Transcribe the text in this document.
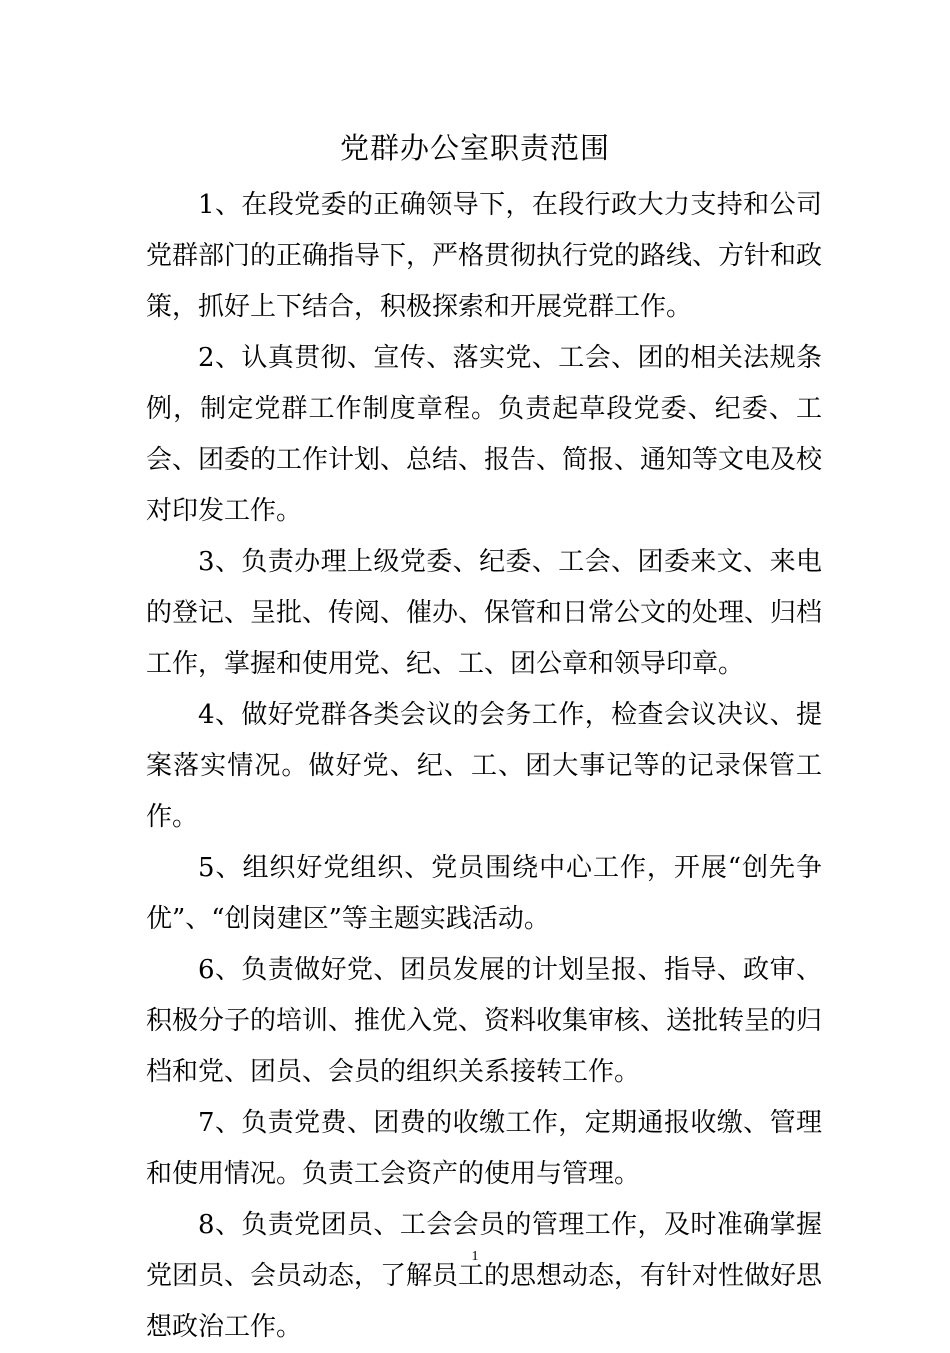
党群办公室职责范围

1、在段党委的正确领导下，在段行政大力支持和公司党群部门的正确指导下，严格贯彻执行党的路线、方针和政策，抓好上下结合，积极探索和开展党群工作。

2、认真贯彻、宣传、落实党、工会、团的相关法规条例，制定党群工作制度章程。负责起草段党委、纪委、工会、团委的工作计划、总结、报告、简报、通知等文电及校对印发工作。

3、负责办理上级党委、纪委、工会、团委来文、来电的登记、呈批、传阅、催办、保管和日常公文的处理、归档工作，掌握和使用党、纪、工、团公章和领导印章。

4、做好党群各类会议的会务工作，检查会议决议、提案落实情况。做好党、纪、工、团大事记等的记录保管工作。

5、组织好党组织、党员围绕中心工作，开展“创先争优”、“创岗建区”等主题实践活动。

6、负责做好党、团员发展的计划呈报、指导、政审、积极分子的培训、推优入党、资料收集审核、送批转呈的归档和党、团员、会员的组织关系接转工作。

7、负责党费、团费的收缴工作，定期通报收缴、管理和使用情况。负责工会资产的使用与管理。

8、负责党团员、工会会员的管理工作，及时准确掌握党团员、会员动态，了解员工的思想动态，有针对性做好思想政治工作。

1
